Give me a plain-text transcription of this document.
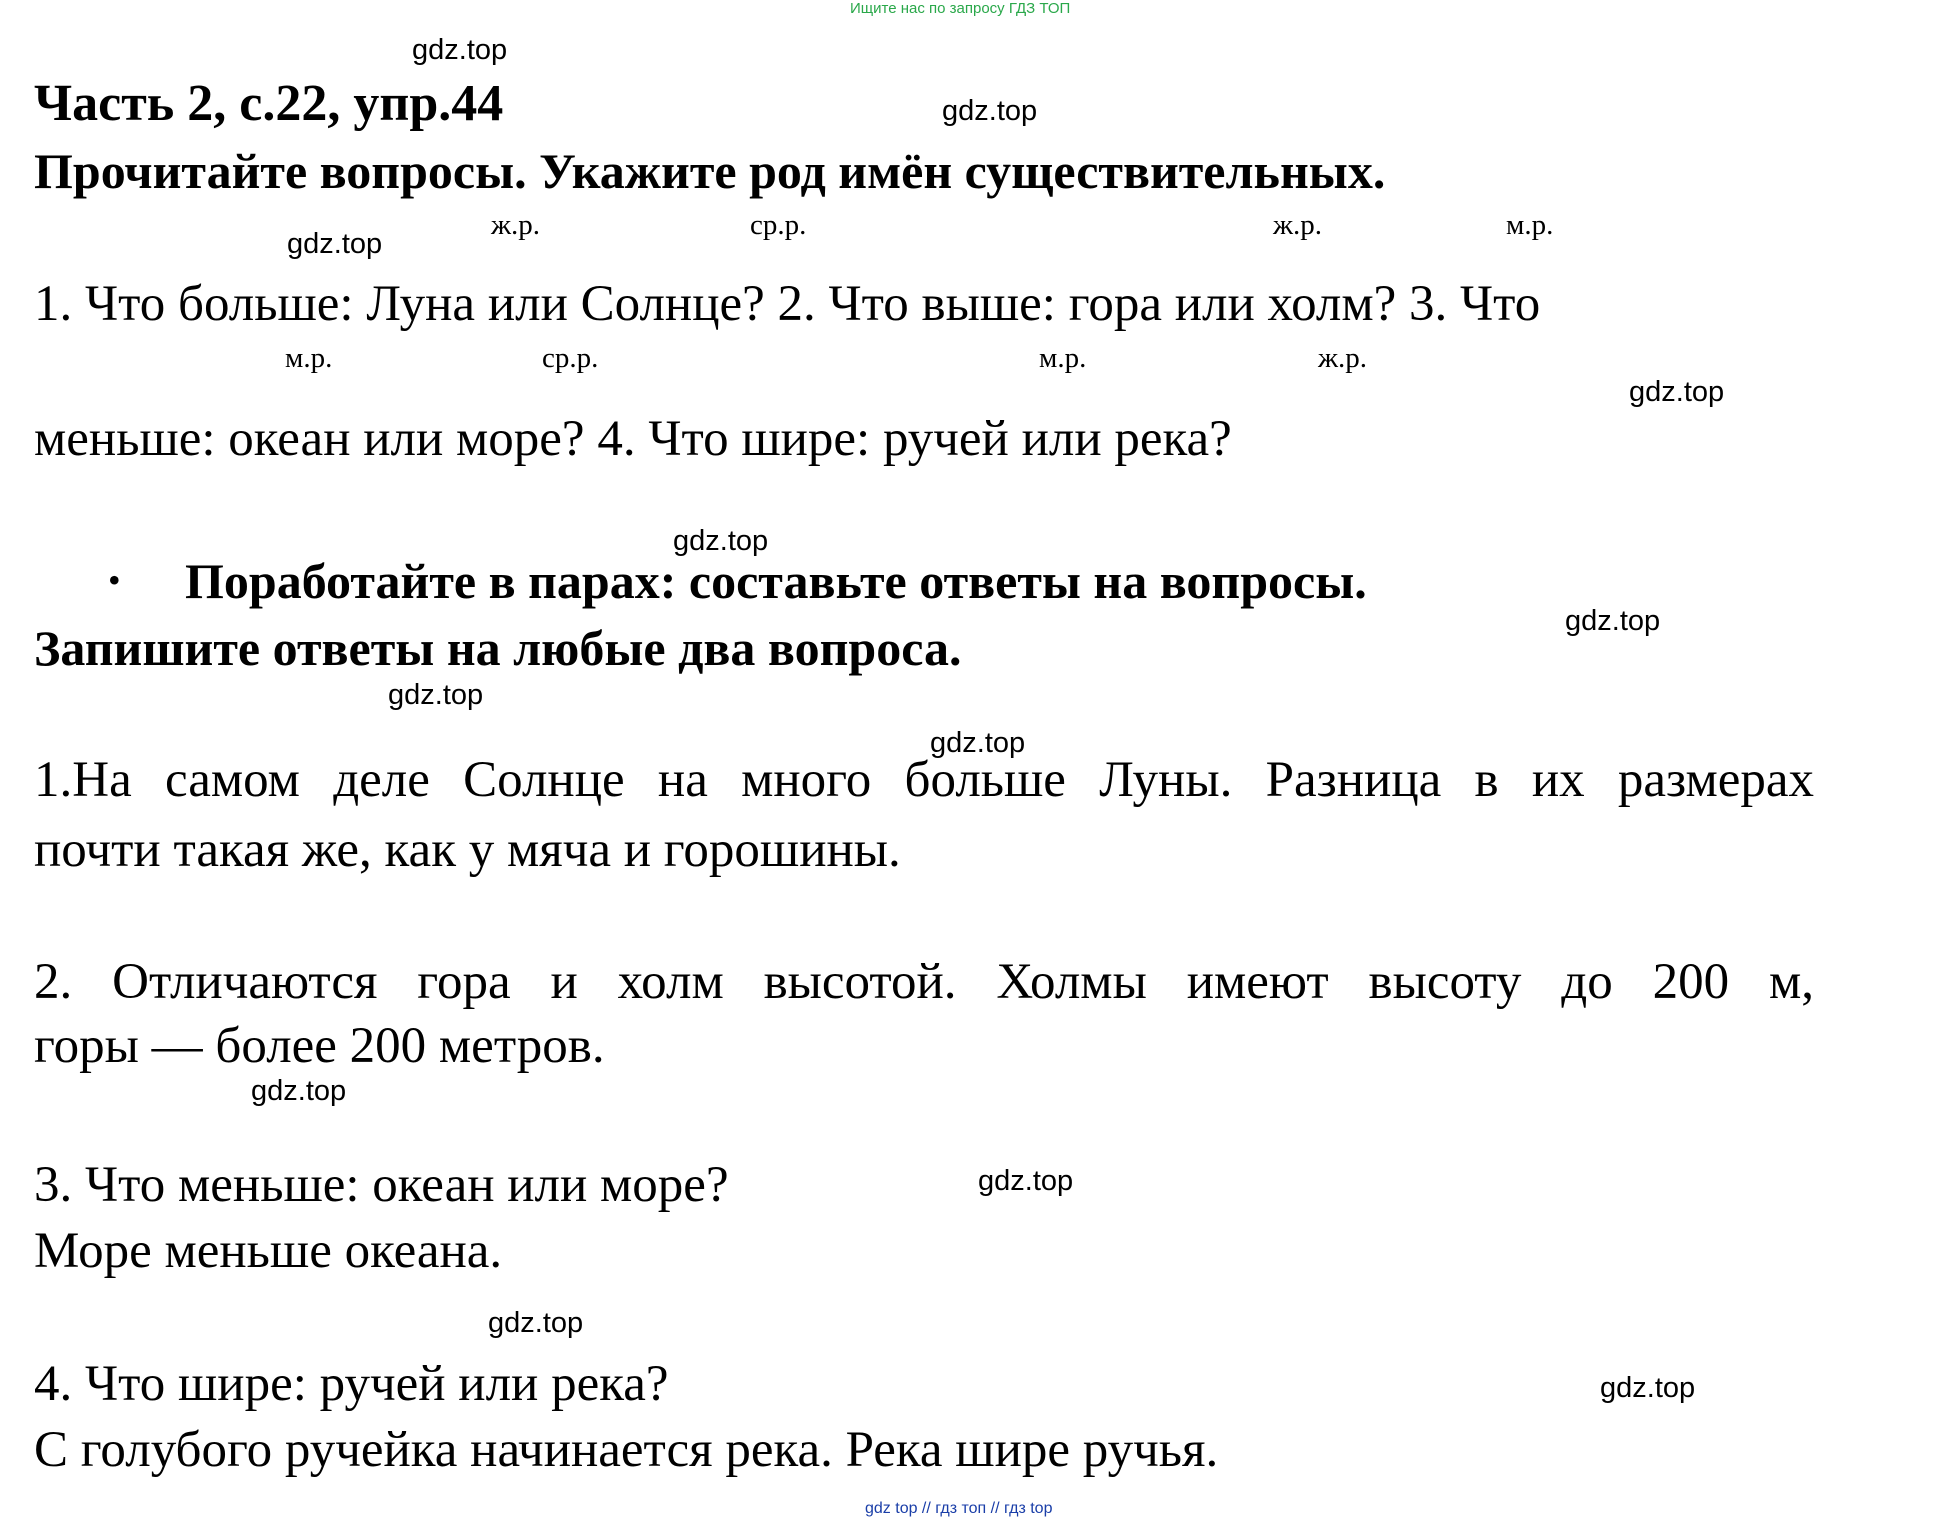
Ищите нас по запросу ГДЗ ТОП
Часть 2, с.22, упр.44
Прочитайте вопросы. Укажите род имён существительных.
ж.р.	ср.р.	ж.р.	м.р.
1. Что больше: Луна или Солнце? 2. Что выше: гора или холм? 3. Что
м.р.	ср.р.	м.р.	ж.р.
меньше: океан или море? 4. Что шире: ручей или река?
• Поработайте в парах: составьте ответы на вопросы.
Запишите ответы на любые два вопроса.
1.На самом деле Солнце на много больше Луны. Разница в их размерах
почти такая же, как у мяча и горошины.
2. Отличаются гора и холм высотой. Холмы имеют высоту до 200 м,
горы — более 200 метров.
3. Что меньше: океан или море?
Море меньше океана.
4. Что шире: ручей или река?
С голубого ручейка начинается река. Река шире ручья.
gdz.top
gdz.top
gdz.top
gdz.top
gdz.top
gdz.top
gdz.top
gdz.top
gdz.top
gdz.top
gdz.top
gdz.top
gdz top // гдз топ // гдз top
